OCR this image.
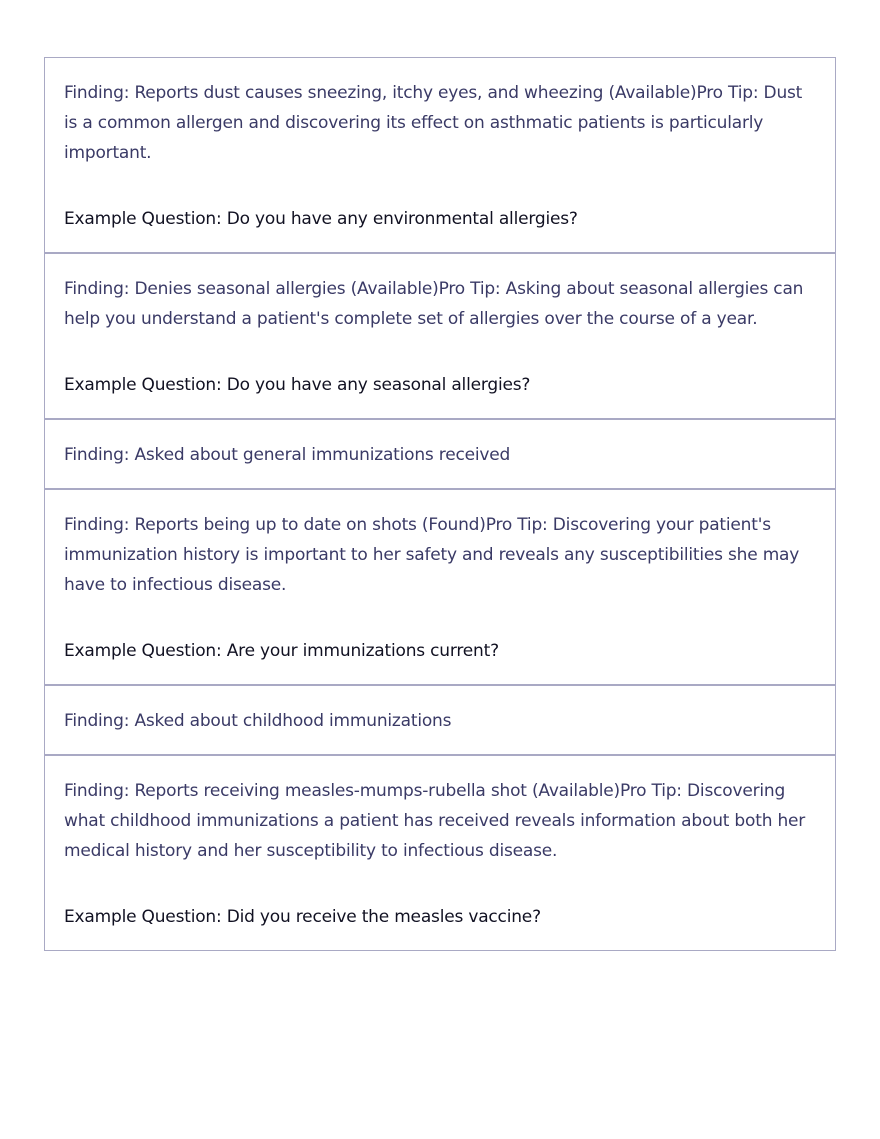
Finding: Reports dust causes sneezing, itchy eyes, and wheezing (Available)Pro Tip: Dust is a common allergen and discovering its effect on asthmatic patients is particularly important.
Example Question: Do you have any environmental allergies?
Finding: Denies seasonal allergies (Available)Pro Tip: Asking about seasonal allergies can help you understand a patient's complete set of allergies over the course of a year.
Example Question: Do you have any seasonal allergies?
Finding: Asked about general immunizations received
Finding: Reports being up to date on shots (Found)Pro Tip: Discovering your patient's immunization history is important to her safety and reveals any susceptibilities she may have to infectious disease.
Example Question: Are your immunizations current?
Finding: Asked about childhood immunizations
Finding: Reports receiving measles-mumps-rubella shot (Available)Pro Tip: Discovering what childhood immunizations a patient has received reveals information about both her medical history and her susceptibility to infectious disease.
Example Question: Did you receive the measles vaccine?
